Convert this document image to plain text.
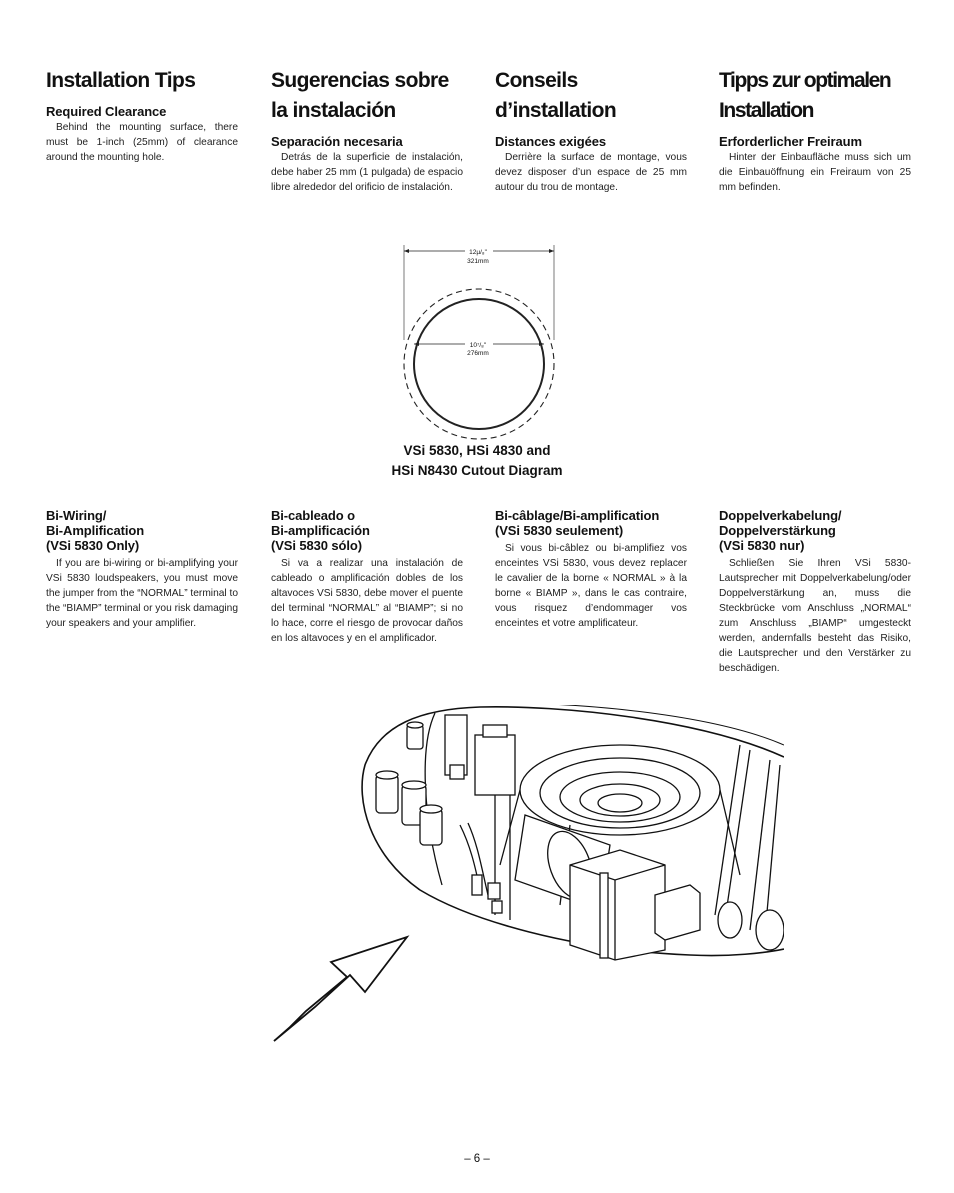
Installation Tips
Required Clearance

Behind the mounting surface, there must be 1-inch (25mm) of clearance around the mounting hole.

Sugerencias sobre la instalación
Separación necesaria

Detrás de la superficie de instalación, debe haber 25 mm (1 pulgada) de espacio libre alrededor del orificio de instalación.

Conseils d’installation
Distances exigées

Derrière la surface de montage, vous devez disposer d’un espace de 25 mm autour du trou de montage.

Tipps zur optimalen Installation
Erforderlicher Freiraum

Hinter der Einbaufläche muss sich um die Einbauöffnung ein Freiraum von 25 mm befinden.

12µ/₈"
321mm
10⁷/₈"
276mm
VSi 5830, HSi 4830 and
HSi N8430 Cutout Diagram
Bi-Wiring/
Bi-Amplification
(VSi 5830 Only)

If you are bi-wiring or bi-amplifying your VSi 5830 loudspeakers, you must move the jumper from the “NORMAL” terminal to the “BIAMP” terminal or you risk damaging your speakers and your amplifier.

Bi-cableado o
Bi-amplificación
(VSi 5830 sólo)

Si va a realizar una instalación de cableado o amplificación dobles de los altavoces VSi 5830, debe mover el puente del terminal “NORMAL” al “BIAMP”; si no lo hace, corre el riesgo de provocar daños en los altavoces y en el amplificador.

Bi-câblage/Bi-amplification
(VSi 5830 seulement)

Si vous bi-câblez ou bi-amplifiez vos enceintes VSi 5830, vous devez replacer le cavalier de la borne « NORMAL » à la borne « BIAMP », dans le cas contraire, vous risquez d’endommager vos enceintes et votre amplificateur.

Doppelverkabelung/
Doppelverstärkung
(VSi 5830 nur)

Schließen Sie Ihren VSi 5830-Lautsprecher mit Doppelverkabelung/oder Doppelverstärkung an, muss die Steckbrücke vom Anschluss „NORMAL“ zum Anschluss „BIAMP“ umgesteckt werden, andernfalls besteht das Risiko, die Lautsprecher und den Verstärker zu beschädigen.

– 6 –
